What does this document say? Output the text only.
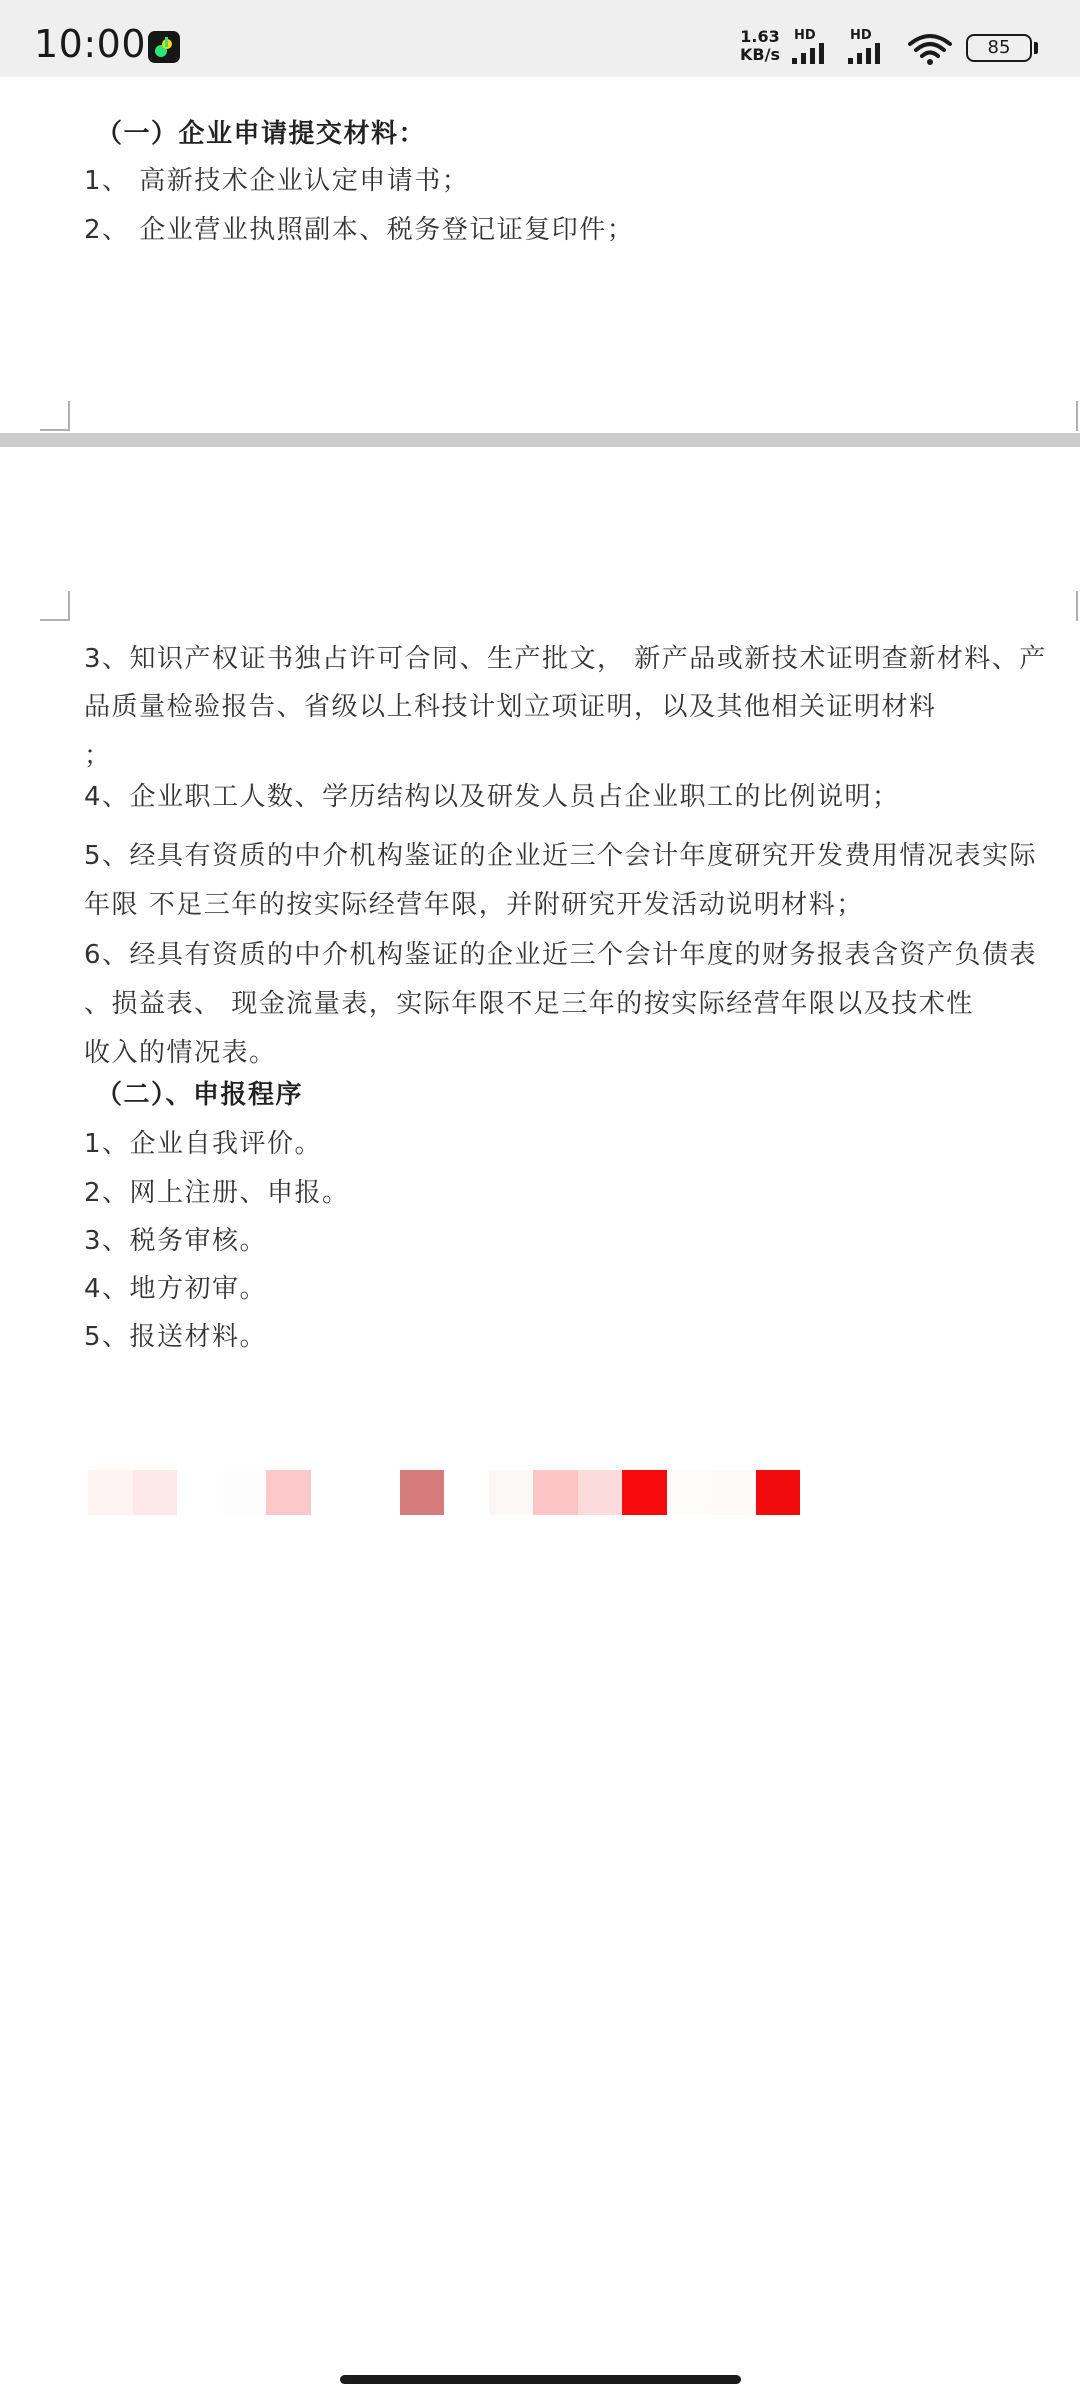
10:00	1.63
KB/s
HD	HD
85
（一）企业申请提交材料：
1、 高新技术企业认定申请书；
2、 企业营业执照副本、税务登记证复印件；
3、知识产权证书独占许可合同、生产批文， 新产品或新技术证明查新材料、产
品质量检验报告、省级以上科技计划立项证明，以及其他相关证明材料
；
4、企业职工人数、学历结构以及研发人员占企业职工的比例说明；
5、经具有资质的中介机构鉴证的企业近三个会计年度研究开发费用情况表实际
年限 不足三年的按实际经营年限，并附研究开发活动说明材料；
6、经具有资质的中介机构鉴证的企业近三个会计年度的财务报表含资产负债表
、损益表、 现金流量表，实际年限不足三年的按实际经营年限以及技术性
收入的情况表。
（二）、申报程序
1、企业自我评价。
2、网上注册、申报。
3、税务审核。
4、地方初审。
5、报送材料。
